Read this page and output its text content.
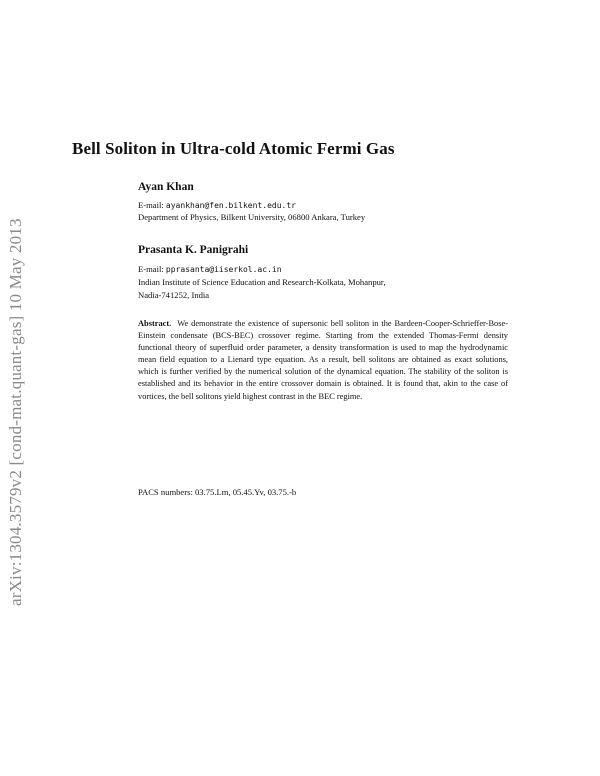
arXiv:1304.3579v2 [cond-mat.quant-gas] 10 May 2013
Bell Soliton in Ultra-cold Atomic Fermi Gas
Ayan Khan
E-mail: ayankhan@fen.bilkent.edu.tr
Department of Physics, Bilkent University, 06800 Ankara, Turkey
Prasanta K. Panigrahi
E-mail: pprasanta@iiserkol.ac.in
Indian Institute of Science Education and Research-Kolkata, Mohanpur,
Nadia-741252, India
Abstract. We demonstrate the existence of supersonic bell soliton in the Bardeen-Cooper-Schrieffer-Bose-Einstein condensate (BCS-BEC) crossover regime. Starting from the extended Thomas-Fermi density functional theory of superfluid order parameter, a density transformation is used to map the hydrodynamic mean field equation to a Lienard type equation. As a result, bell solitons are obtained as exact solutions, which is further verified by the numerical solution of the dynamical equation. The stability of the soliton is established and its behavior in the entire crossover domain is obtained. It is found that, akin to the case of vortices, the bell solitons yield highest contrast in the BEC regime.
PACS numbers: 03.75.Lm, 05.45.Yv, 03.75.-b
